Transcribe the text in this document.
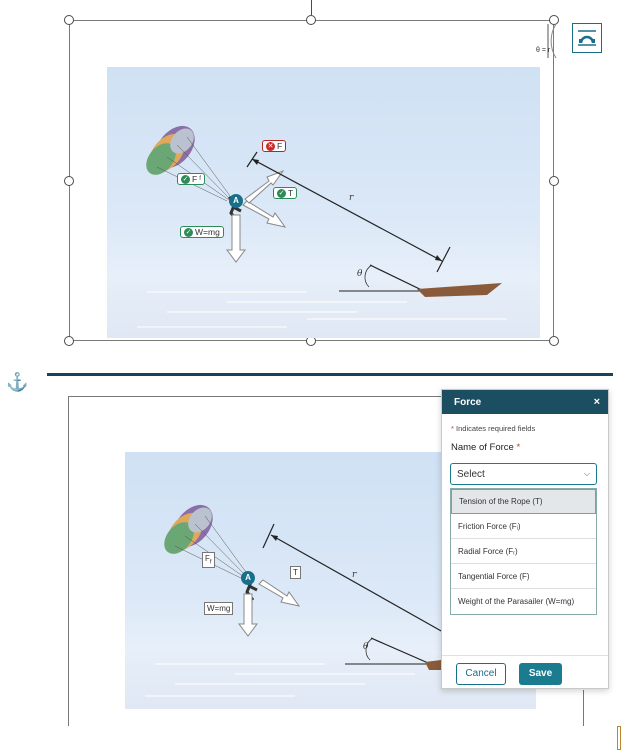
θ = r
r
θ
✕ F
✓ F f
✓ T
✓ W=mg
A
⚓
r
θ
$F_f$
T
W=mg
A
Force	×
* Indicates required fields
Name of Force *
Select	⌵
Tension of the Rope (T)
Friction Force (Fᵢ)
Radial Force (Fᵣ)
Tangential Force (F)
Weight of the Parasailer (W=mg)
Cancel	Save
